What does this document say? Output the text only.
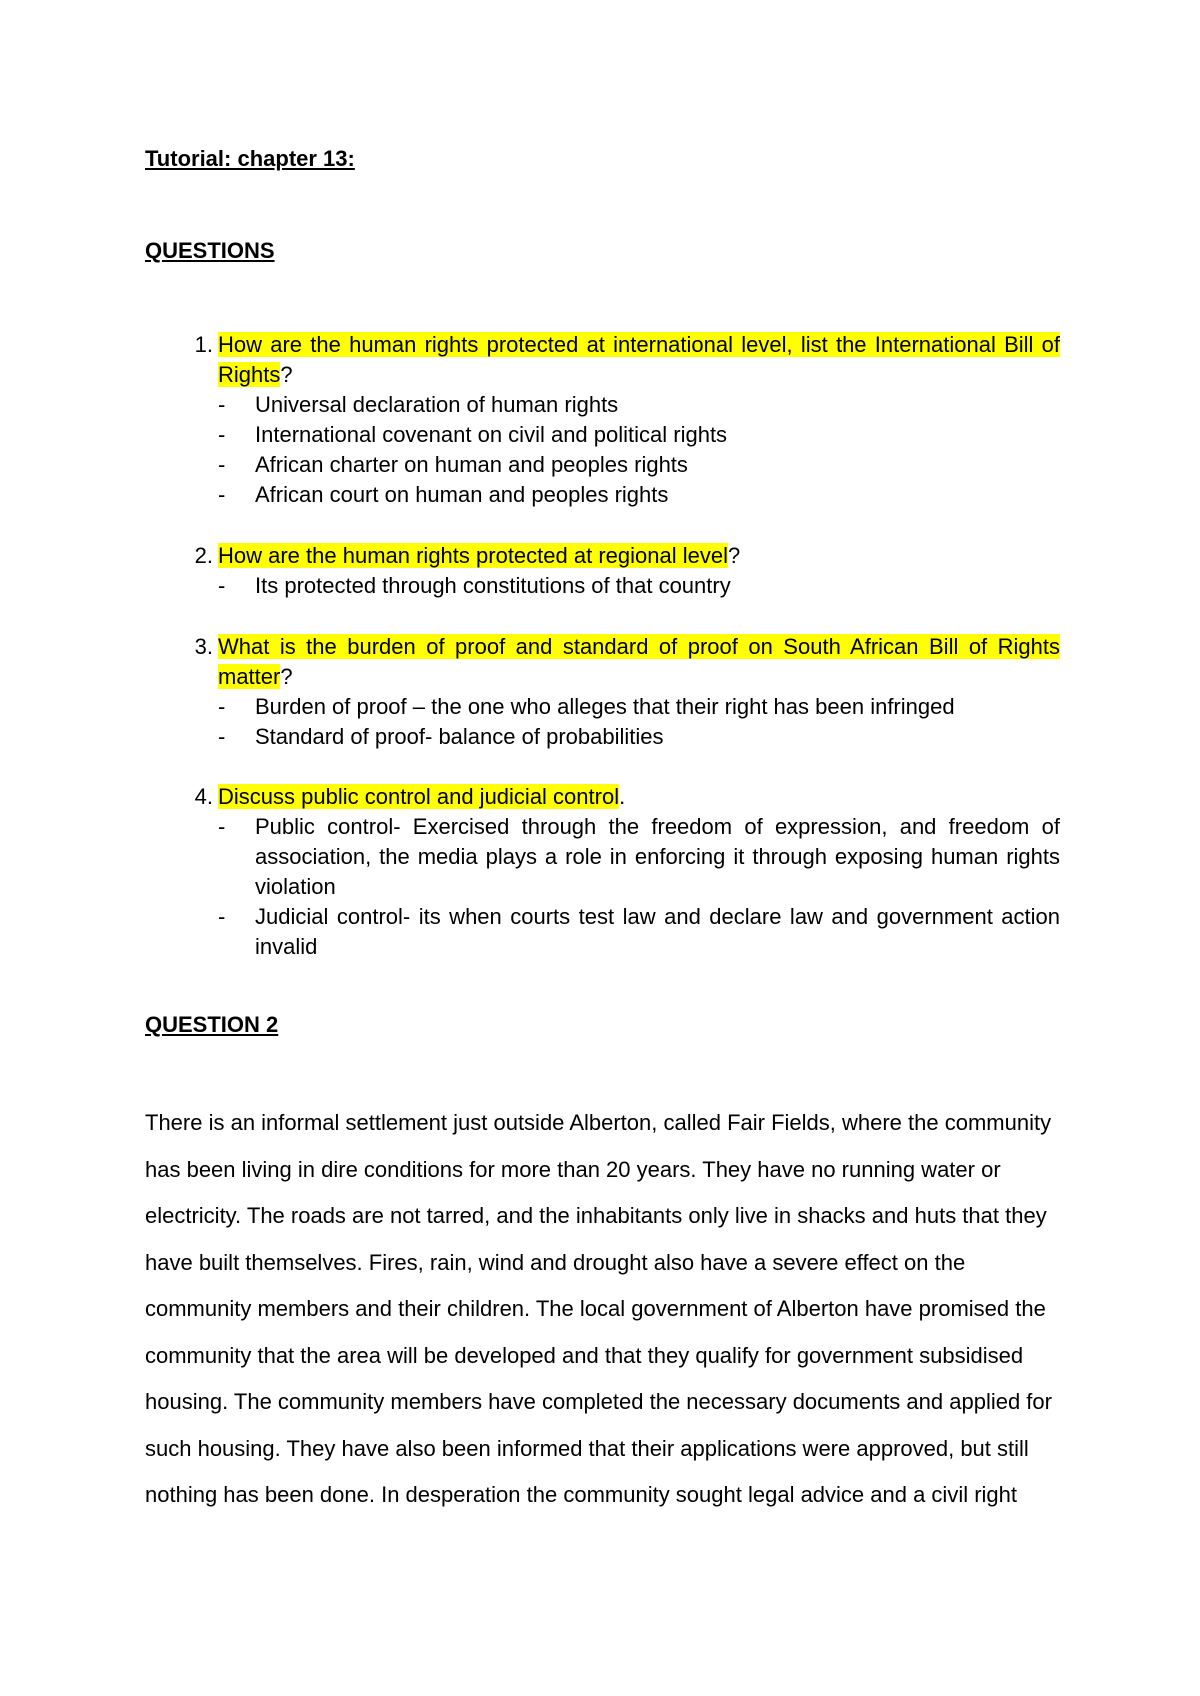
Tutorial: chapter 13:
QUESTIONS
1. How are the human rights protected at international level, list the International Bill of Rights?
-	Universal declaration of human rights
-	International covenant on civil and political rights
-	African charter on human and peoples rights
-	African court on human and peoples rights
2. How are the human rights protected at regional level?
-	Its protected through constitutions of that country
3. What is the burden of proof and standard of proof on South African Bill of Rights matter?
-	Burden of proof – the one who alleges that their right has been infringed
-	Standard of proof- balance of probabilities
4. Discuss public control and judicial control.
-	Public control- Exercised through the freedom of expression, and freedom of association, the media plays a role in enforcing it through exposing human rights violation
-	Judicial control- its when courts test law and declare law and government action invalid
QUESTION 2

There is an informal settlement just outside Alberton, called Fair Fields, where the community has been living in dire conditions for more than 20 years. They have no running water or electricity. The roads are not tarred, and the inhabitants only live in shacks and huts that they have built themselves. Fires, rain, wind and drought also have a severe effect on the community members and their children. The local government of Alberton have promised the community that the area will be developed and that they qualify for government subsidised housing. The community members have completed the necessary documents and applied for such housing. They have also been informed that their applications were approved, but still nothing has been done. In desperation the community sought legal advice and a civil right
